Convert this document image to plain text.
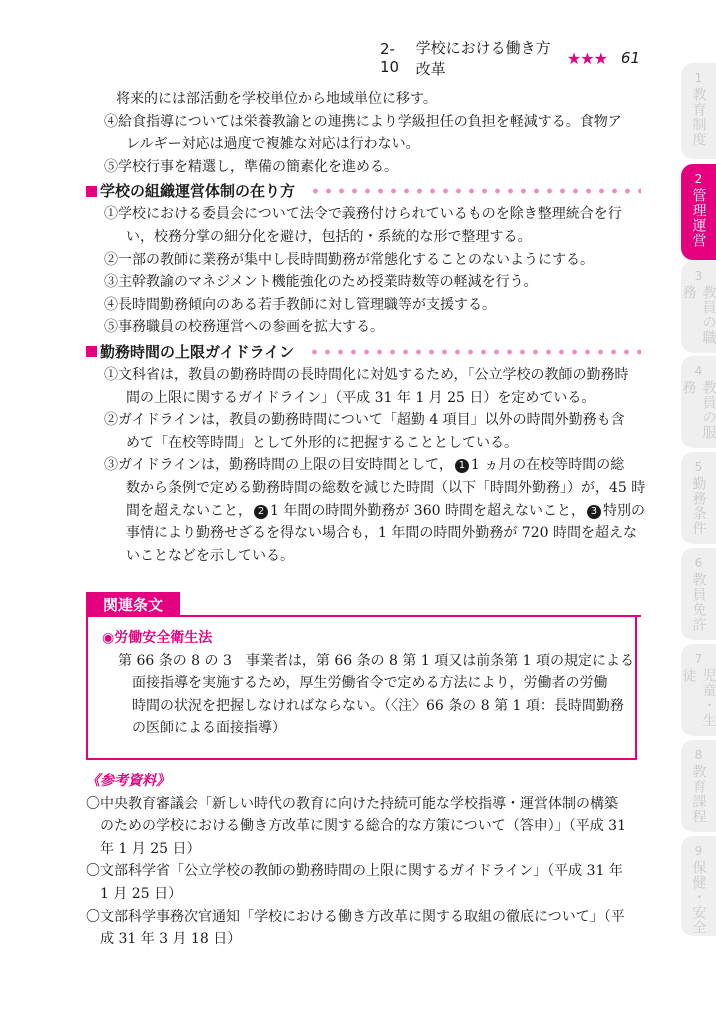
2-10
学校における働き方改革
★★★ 61
将来的には部活動を学校単位から地域単位に移す。
④給食指導については栄養教諭との連携により学級担任の負担を軽減する。食物ア
レルギー対応は過度で複雑な対応は行わない。
⑤学校行事を精選し，準備の簡素化を進める。
学校の組織運営体制の在り方
①学校における委員会について法令で義務付けられているものを除き整理統合を行
い，校務分掌の細分化を避け，包括的・系統的な形で整理する。
②一部の教師に業務が集中し長時間勤務が常態化することのないようにする。
③主幹教諭のマネジメント機能強化のため授業時数等の軽減を行う。
④長時間勤務傾向のある若手教師に対し管理職等が支援する。
⑤事務職員の校務運営への参画を拡大する。
勤務時間の上限ガイドライン
①文科省は，教員の勤務時間の長時間化に対処するため，「公立学校の教師の勤務時
間の上限に関するガイドライン」（平成 31 年 1 月 25 日）を定めている。
②ガイドラインは，教員の勤務時間について「超勤 4 項目」以外の時間外勤務も含
めて「在校等時間」として外形的に把握することとしている。
③ガイドラインは，勤務時間の上限の目安時間として， 1 1 ヵ月の在校等時間の総
数から条例で定める勤務時間の総数を減じた時間（以下「時間外勤務」）が，45 時
間を超えないこと， 2 1 年間の時間外勤務が 360 時間を超えないこと， 3 特別の
事情により勤務せざるを得ない場合も，1 年間の時間外勤務が 720 時間を超えな
いことなどを示している。
関連条文
◉労働安全衛生法
第 66 条の 8 の 3　事業者は，第 66 条の 8 第 1 項又は前条第 1 項の規定による
面接指導を実施するため，厚生労働省令で定める方法により，労働者の労働
時間の状況を把握しなければならない。（〈注〉66 条の 8 第 1 項：長時間勤務
の医師による面接指導）
《参考資料》
〇中央教育審議会「新しい時代の教育に向けた持続可能な学校指導・運営体制の構築
のための学校における働き方改革に関する総合的な方策について（答申）」（平成 31
年 1 月 25 日）
〇文部科学省「公立学校の教師の勤務時間の上限に関するガイドライン」（平成 31 年
1 月 25 日）
〇文部科学事務次官通知「学校における働き方改革に関する取組の徹底について」（平
成 31 年 3 月 18 日）
1
教育制度
2
管理運営
3
教員の職務
4
教員の服務
5
勤務条件
6
教員免許
7
児童・生徒
8
教育課程
9
保健・安全
